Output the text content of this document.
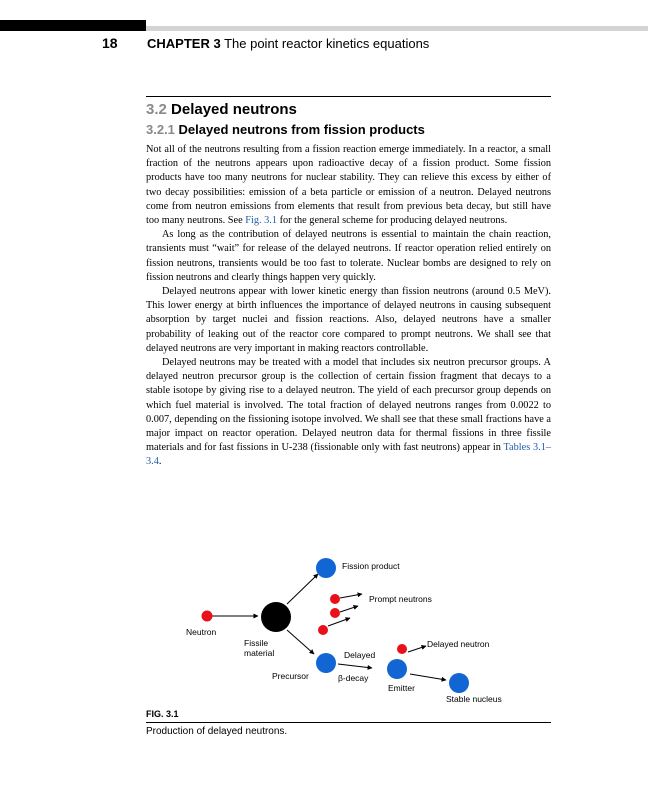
18 CHAPTER 3 The point reactor kinetics equations
3.2 Delayed neutrons
3.2.1 Delayed neutrons from fission products

Not all of the neutrons resulting from a fission reaction emerge immediately. In a reactor, a small fraction of the neutrons appears upon radioactive decay of a fission product. Some fission products have too many neutrons for nuclear stability. They can relieve this excess by either of two decay possibilities: emission of a beta particle or emission of a neutron. Delayed neutrons come from neutron emissions from elements that result from previous beta decay, but still have too many neutrons. See Fig. 3.1 for the general scheme for producing delayed neutrons.

As long as the contribution of delayed neutrons is essential to maintain the chain reaction, transients must “wait” for release of the delayed neutrons. If reactor operation relied entirely on fission neutrons, transients would be too fast to tolerate. Nuclear bombs are designed to rely on fission neutrons and clearly things happen very quickly.

Delayed neutrons appear with lower kinetic energy than fission neutrons (around 0.5 MeV). This lower energy at birth influences the importance of delayed neutrons in causing subsequent absorption by target nuclei and fission reactions. Also, delayed neutrons have a smaller probability of leaking out of the reactor core compared to prompt neutrons. We shall see that delayed neutrons are very important in making reactors controllable.

Delayed neutrons may be treated with a model that includes six neutron precursor groups. A delayed neutron precursor group is the collection of certain fission fragment that decays to a stable isotope by giving rise to a delayed neutron. The yield of each precursor group depends on which fuel material is involved. The total fraction of delayed neutrons ranges from 0.0022 to 0.007, depending on the fissioning isotope involved. We shall see that these small fractions have a major impact on reactor operation. Delayed neutron data for thermal fissions in three fissile materials and for fast fissions in U-238 (fissionable only with fast neutrons) appear in Tables 3.1–3.4.

Neutron
Fissile
material
Fission product
Prompt neutrons
Precursor
Delayed
β-decay
Emitter
Delayed neutron
Stable nucleus
FIG. 3.1
Production of delayed neutrons.
